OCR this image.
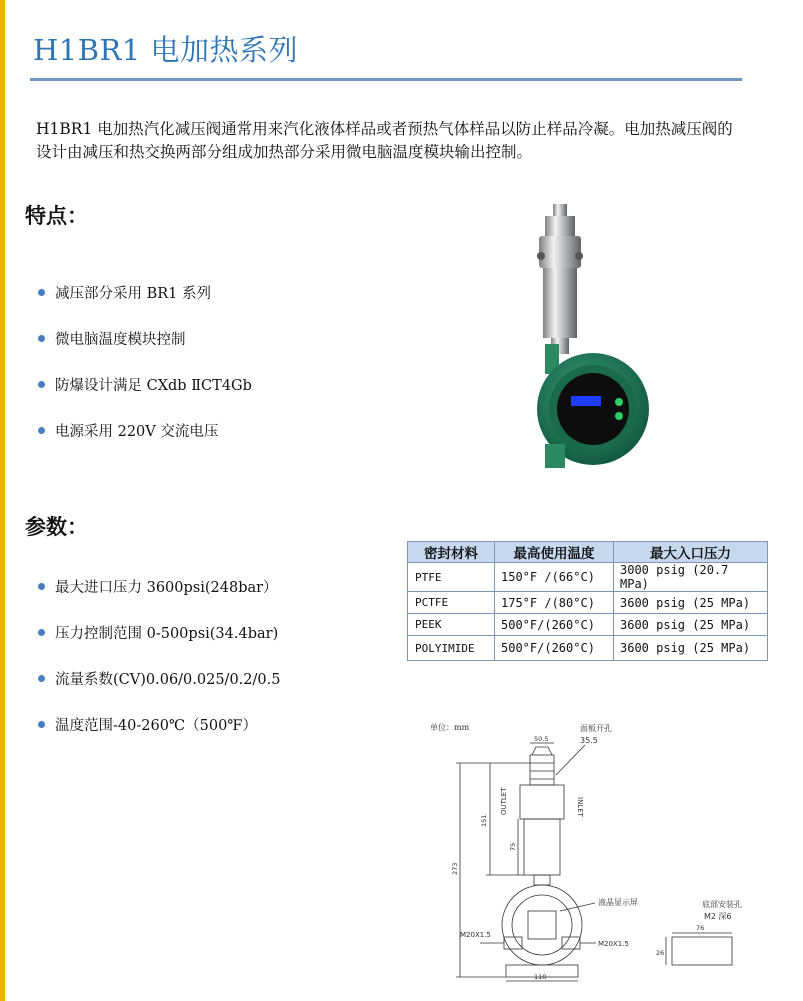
H1BR1 电加热系列
H1BR1 电加热汽化减压阀通常用来汽化液体样品或者预热气体样品以防止样品冷凝。电加热减压阀的设计由减压和热交换两部分组成加热部分采用微电脑温度模块输出控制。
特点：
减压部分采用 BR1 系列
微电脑温度模块控制
防爆设计满足 CXdb ⅡCT4Gb
电源采用 220V 交流电压
参数：
最大进口压力 3600psi(248bar）
压力控制范围 0-500psi(34.4bar)
流量系数(CV)0.06/0.025/0.2/0.5
温度范围-40-260℃（500℉）
密封材料	最高使用温度	最大入口压力
PTFE	150°F /(66°C)	3000 psig (20.7 MPa)
PCTFE	175°F /(80°C)	3600 psig (25 MPa)
PEEK	500°F/(260°C)	3600 psig (25 MPa)
POLYIMIDE	500°F/(260°C)	3600 psig (25 MPa)
单位：mm
50.5
面板开孔
35.5
OUTLET	INLET
151
75
273
液晶显示屏
M20X1.5
M20X1.5
110
底部安装孔
M2 深6
76
26
